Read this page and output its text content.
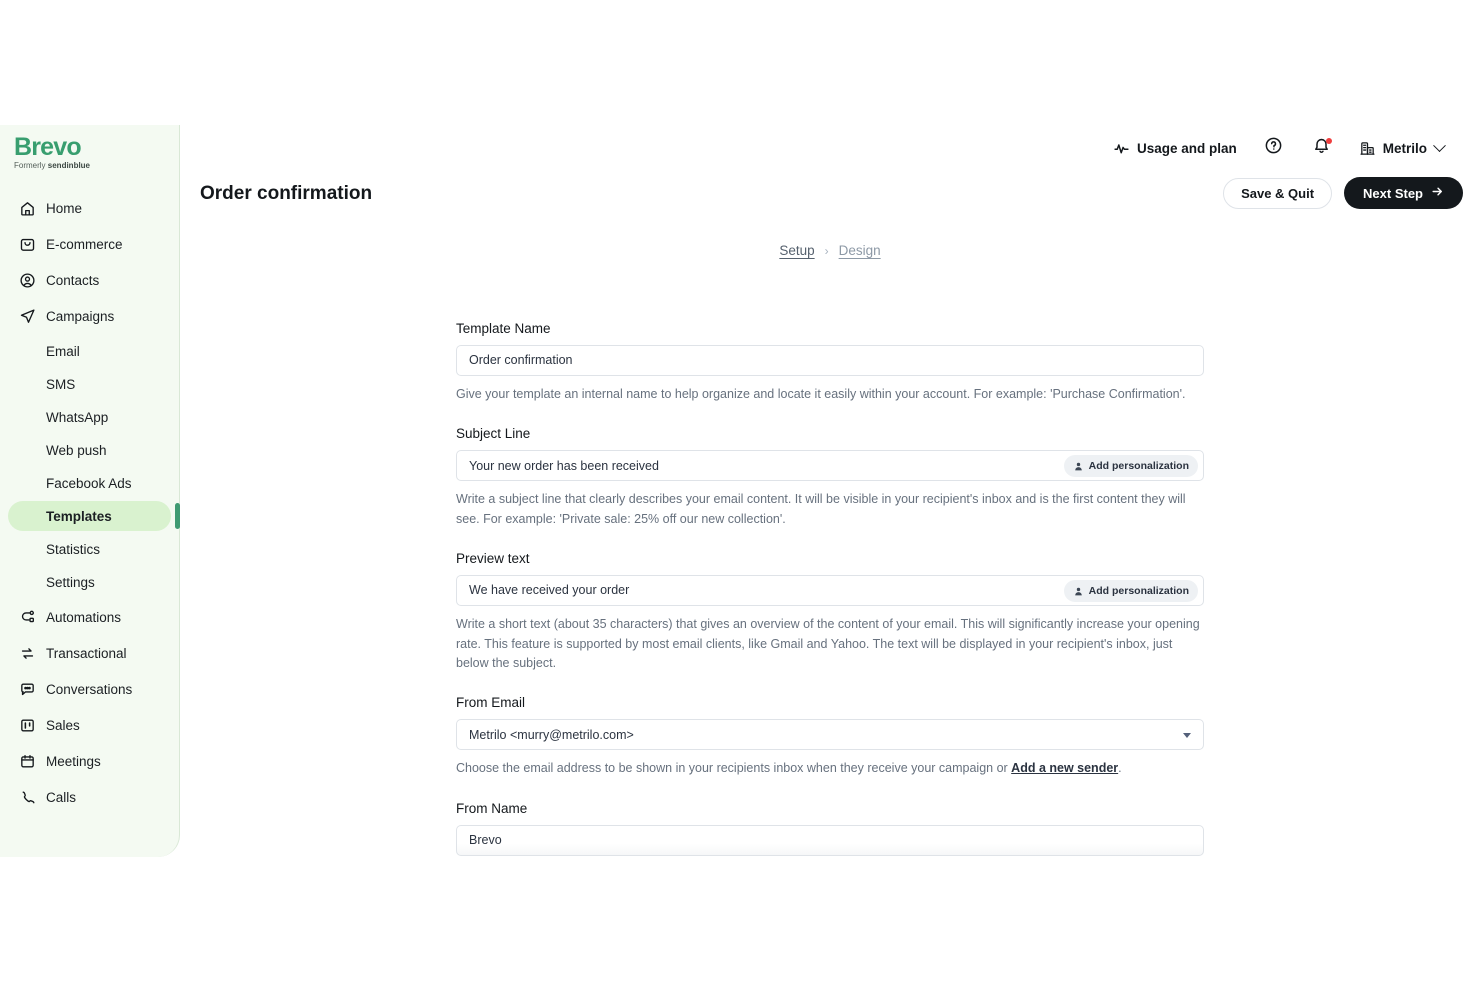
Brevo
Formerly sendinblue
Home
E-commerce
Contacts
Campaigns
Email
SMS
WhatsApp
Web push
Facebook Ads
Templates
Statistics
Settings
Automations
Transactional
Conversations
Sales
Meetings
Calls
Usage and plan	Metrilo
Order confirmation	Save & Quit	Next Step
Setup › Design
Template Name
Order confirmation
Give your template an internal name to help organize and locate it easily within your account. For example: 'Purchase Confirmation'.
Subject Line
Your new order has been received	Add personalization
Write a subject line that clearly describes your email content. It will be visible in your recipient's inbox and is the first content they will see. For example: 'Private sale: 25% off our new collection'.
Preview text
We have received your order	Add personalization
Write a short text (about 35 characters) that gives an overview of the content of your email. This will significantly increase your opening rate. This feature is supported by most email clients, like Gmail and Yahoo. The text will be displayed in your recipient's inbox, just below the subject.
From Email
Metrilo <murry@metrilo.com>
Choose the email address to be shown in your recipients inbox when they receive your campaign or Add a new sender.
From Name
Brevo
